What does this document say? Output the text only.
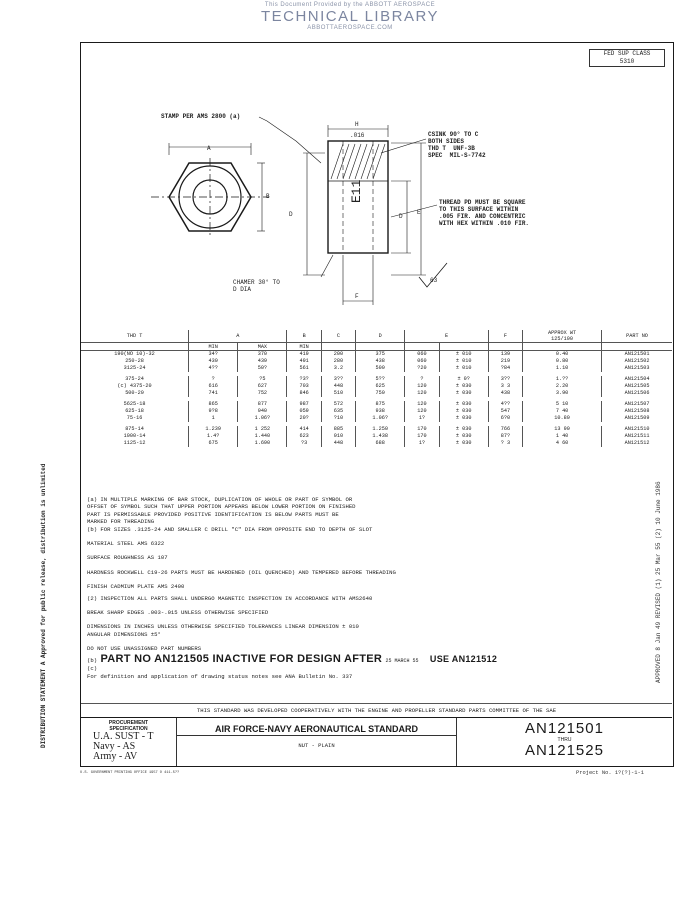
This Document Provided by the ABBOTT AEROSPACE
TECHNICAL LIBRARY
ABBOTTAEROSPACE.COM
DISTRIBUTION STATEMENT A Approved for public release, distribution is unlimited
FED SUP CLASS
5310
A
B
STAMP PER AMS 2800 (a)
H
.016	CSINK 90° TO C
BOTH SIDES
THD T  UNF-3B
SPEC  MIL-S-7742
THREAD PD MUST BE SQUARE
TO THIS SURFACE WITHIN
.005 FIR. AND CONCENTRIC
WITH HEX WITHIN .010 FIR.
D	D
E
F
63
CHAMER 30° TO
D DIA
E11
THD T	A		B	C	D	E		F	APPROX WT
125/100	PART NO
	MIN	MAX	MIN							
190(NO 10)-32	34?	370	419	200	375	060	± 010	139	0.40	AN121501
250-28	430	439	491	280	438	060	± 010	219	0.80	AN121502
3125-24	4??	50?	561	3.2	500	?20	± 010	?84	1.10	AN121503

375-24	?	?5	?3?	3??	5??	?	± 0?	3??	1.??	AN121504
(c) 4375-20	616	627	703	448	625	120	± 030	3 3	2.20	AN121505
500-20	741	752	846	510	750	120	± 030	438	3.90	AN121506

5625-18	865	877	987	572	875	120	± 030	4??	5 10	AN121507
625-18	9?8	940	059	635	938	120	± 030	547	7 40	AN121508
75-16	1	1.06?	20?	?10	1.06?	1?	± 030	6?0	10.80	AN121509

875-14	1.239	1 252	414	885	1.250	170	± 030	766	13 90	AN121510
1000-14	1.4?	1.440	623	010	1.438	170	± 030	87?	1 40	AN121511
1125-12	675	1.690	?3	448	688	1?	± 030	? 3	4 60	AN121512
APPROVED 8 Jan 49 REVISED (1) 25 Mar 55 (2) 10 June 1986
(a) IN MULTIPLE MARKING OF BAR STOCK, DUPLICATION OF WHOLE OR PART OF SYMBOL OR
OFFSET OF SYMBOL SUCH THAT UPPER PORTION APPEARS BELOW LOWER PORTION ON FINISHED
PART IS PERMISSABLE PROVIDED POSITIVE IDENTIFICATION IS BELOW PARTS MUST BE
MARKED FOR THREADING
(b) FOR SIZES .3125-24 AND SMALLER C DRILL "C" DIA FROM OPPOSITE END TO DEPTH OF SLOT
MATERIAL STEEL AMS 6322
SURFACE ROUGHNESS AS 107
HARDNESS ROCKWELL C19-26 PARTS MUST BE HARDENED (OIL QUENCHED) AND TEMPERED BEFORE THREADING
FINISH CADMIUM PLATE AMS 2400
(2) INSPECTION ALL PARTS SHALL UNDERGO MAGNETIC INSPECTION IN ACCORDANCE WITH AMS2640
BREAK SHARP EDGES .003-.015 UNLESS OTHERWISE SPECIFIED
DIMENSIONS IN INCHES UNLESS OTHERWISE SPECIFIED TOLERANCES LINEAR DIMENSION ± 010
ANGULAR DIMENSIONS ±5°
DO NOT USE UNASSIGNED PART NUMBERS
(b) PART NO AN121505 INACTIVE FOR DESIGN AFTER 25 MARCH 55 USE AN121512
(c)
For definition and application of drawing status notes see ANA Bulletin No. 337
THIS STANDARD WAS DEVELOPED COOPERATIVELY WITH THE ENGINE AND PROPELLER STANDARD PARTS COMMITTEE OF THE SAE
PROCUREMENT
SPECIFICATION
U.A. SUST - T
Navy - AS
Army - AV
AIR FORCE-NAVY AERONAUTICAL STANDARD
NUT - PLAIN
AN121501
THRU
AN121525
U.S. GOVERNMENT PRINTING OFFICE 1957 O 411-5??	Project No. 1?(?)-1-1
